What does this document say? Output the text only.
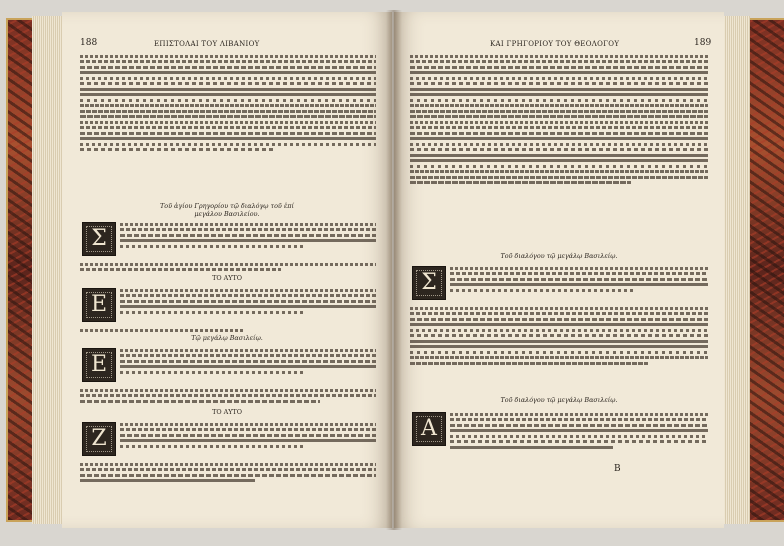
188	ΕΠΙΣΤΟΛΑΙ ΤΟΥ ΛΙΒΑΝΙΟΥ
Τοῦ ἁγίου Γρηγορίου τῷ διαλόγῳ τοῦ ἐπί
μεγάλου Βασιλείου.
Σ
ΤΟ ΑΥΤΟ
Ε
Τῷ μεγάλῳ Βασιλείῳ.
Ε
ΤΟ ΑΥΤΟ
Ζ
ΚΑΙ ΓΡΗΓΟΡΙΟΥ ΤΟΥ ΘΕΟΛΟΓΟΥ	189
Τοῦ διαλόγου τῷ μεγάλῳ Βασιλείῳ.
Σ
Τοῦ διαλόγου τῷ μεγάλῳ Βασιλείῳ.
Α
B
